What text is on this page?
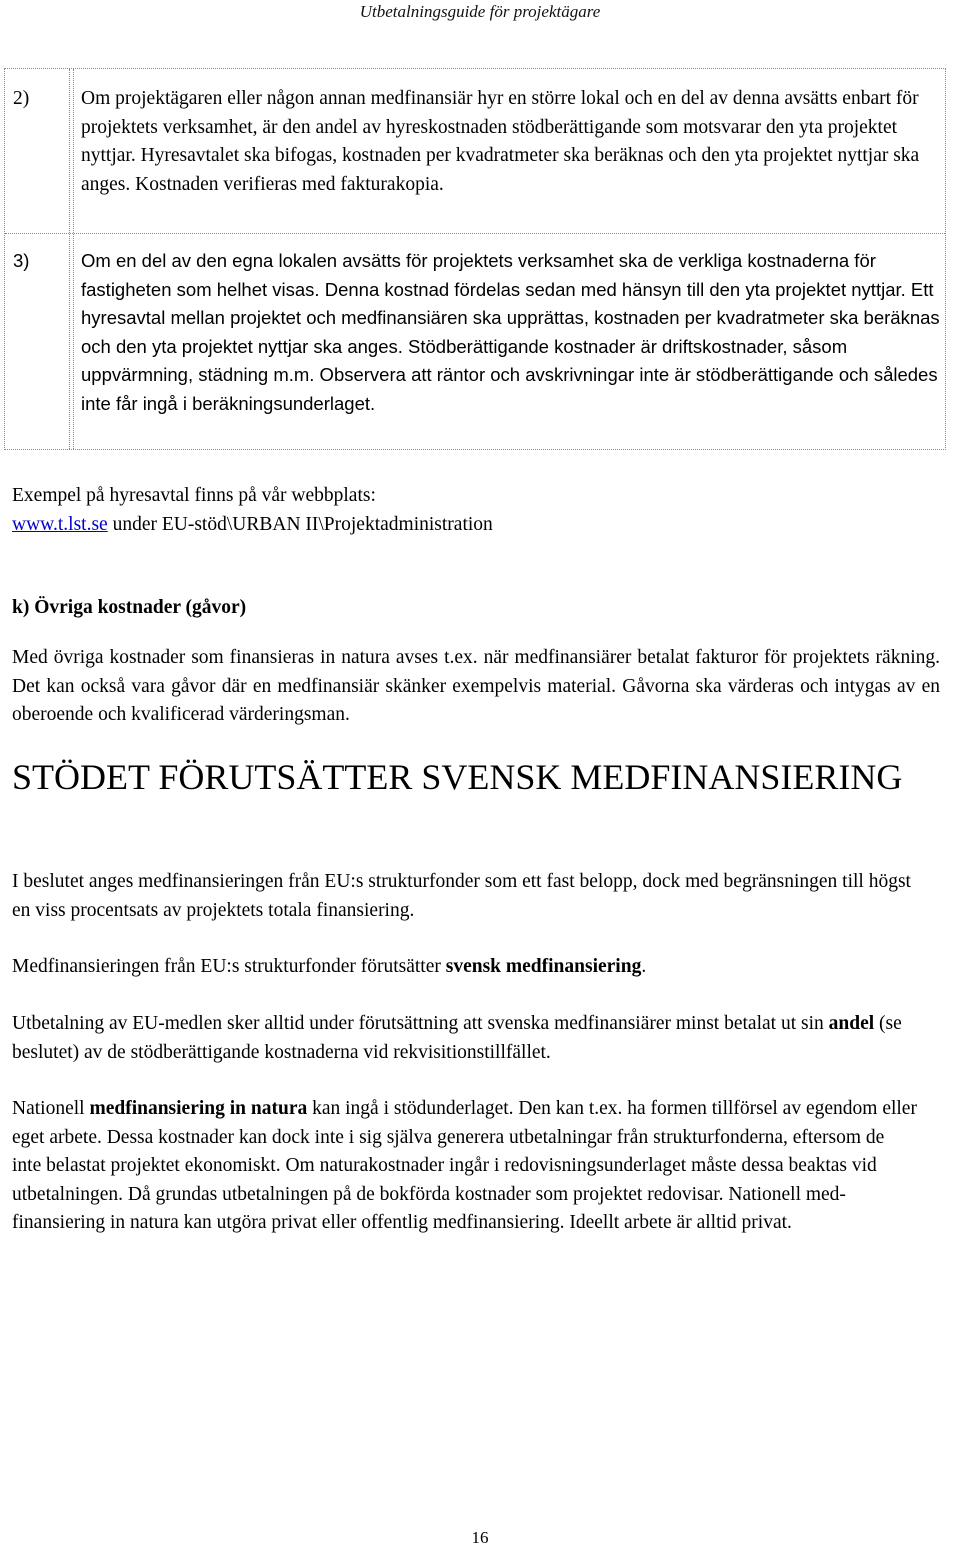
Utbetalningsguide för projektägare
2)	Om projektägaren eller någon annan medfinansiär hyr en större lokal och en del av denna avsätts enbart för projektets verksamhet, är den andel av hyreskostnaden stödberättigande som motsvarar den yta projektet nyttjar. Hyresavtalet ska bifogas, kostnaden per kvadratmeter ska beräknas och den yta projektet nyttjar ska anges. Kostnaden verifieras med fakturakopia.
3)	Om en del av den egna lokalen avsätts för projektets verksamhet ska de verkliga kostnaderna för fastigheten som helhet visas. Denna kostnad fördelas sedan med hänsyn till den yta projektet nyttjar. Ett hyresavtal mellan projektet och medfinansiären ska upprättas, kostnaden per kvadratmeter ska beräknas och den yta projektet nyttjar ska anges. Stödberättigande kostnader är driftskostnader, såsom uppvärmning, städning m.m. Observera att räntor och avskrivningar inte är stödberättigande och således inte får ingå i beräkningsunderlaget.
Exempel på hyresavtal finns på vår webbplats:
www.t.lst.se under EU-stöd\URBAN II\Projektadministration
k) Övriga kostnader (gåvor)
Med övriga kostnader som finansieras in natura avses t.ex. när medfinansiärer betalat fakturor för projektets räkning. Det kan också vara gåvor där en medfinansiär skänker exempelvis material. Gåvorna ska värderas och intygas av en oberoende och kvalificerad värderingsman.
STÖDET FÖRUTSÄTTER SVENSK MEDFINANSIERING
I beslutet anges medfinansieringen från EU:s strukturfonder som ett fast belopp, dock med begränsningen till högst en viss procentsats av projektets totala finansiering.
Medfinansieringen från EU:s strukturfonder förutsätter svensk medfinansiering.
Utbetalning av EU-medlen sker alltid under förutsättning att svenska medfinansiärer minst betalat ut sin andel (se beslutet) av de stödberättigande kostnaderna vid rekvisitionstillfället.
Nationell medfinansiering in natura kan ingå i stödunderlaget. Den kan t.ex. ha formen tillförsel av egendom eller eget arbete. Dessa kostnader kan dock inte i sig själva generera utbetalningar från strukturfonderna, eftersom de inte belastat projektet ekonomiskt. Om naturakostnader ingår i redovisningsunderlaget måste dessa beaktas vid utbetalningen. Då grundas utbetalningen på de bokförda kostnader som projektet redovisar. Nationell med-finansiering in natura kan utgöra privat eller offentlig medfinansiering. Ideellt arbete är alltid privat.
16
